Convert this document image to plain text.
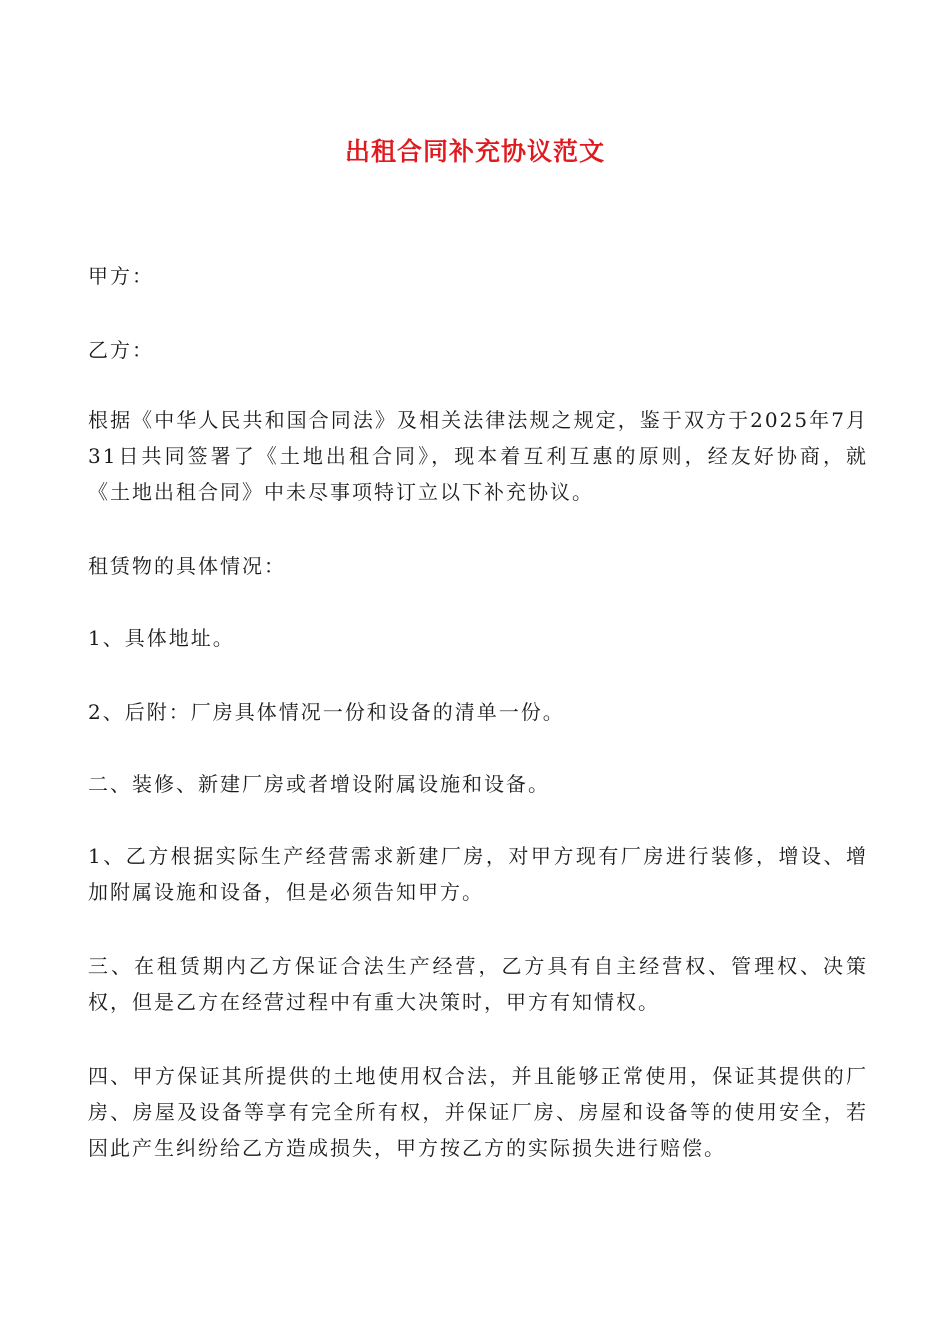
出租合同补充协议范文

甲方：

乙方：

根据《中华人民共和国合同法》及相关法律法规之规定，鉴于双方于2025年7月31日共同签署了《土地出租合同》，现本着互利互惠的原则，经友好协商，就《土地出租合同》中未尽事项特订立以下补充协议。

租赁物的具体情况：

1、具体地址。

2、后附：厂房具体情况一份和设备的清单一份。

二、装修、新建厂房或者增设附属设施和设备。

1、乙方根据实际生产经营需求新建厂房，对甲方现有厂房进行装修，增设、增加附属设施和设备，但是必须告知甲方。

三、在租赁期内乙方保证合法生产经营，乙方具有自主经营权、管理权、决策权，但是乙方在经营过程中有重大决策时，甲方有知情权。

四、甲方保证其所提供的土地使用权合法，并且能够正常使用，保证其提供的厂房、房屋及设备等享有完全所有权，并保证厂房、房屋和设备等的使用安全，若因此产生纠纷给乙方造成损失，甲方按乙方的实际损失进行赔偿。
